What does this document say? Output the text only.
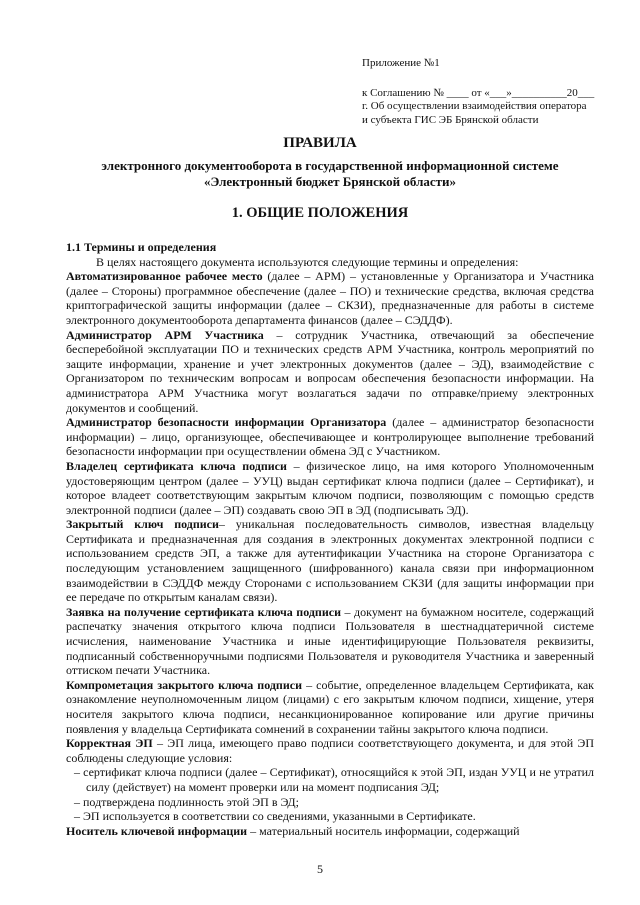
Приложение №1
к Соглашению № ____ от «___»__________20___
г. Об осуществлении взаимодействия оператора
и субъекта ГИС ЭБ Брянской области
ПРАВИЛА
электронного документооборота в государственной информационной системе «Электронный бюджет Брянской области»
1. ОБЩИЕ ПОЛОЖЕНИЯ

1.1 Термины и определения

В целях настоящего документа используются следующие термины и определения:

Автоматизированное рабочее место (далее – АРМ) – установленные у Организатора и Участника (далее – Стороны) программное обеспечение (далее – ПО) и технические средства, включая средства криптографической защиты информации (далее – СКЗИ), предназначенные для работы в системе электронного документооборота департамента финансов (далее – СЭДДФ).

Администратор АРМ Участника – сотрудник Участника, отвечающий за обеспечение бесперебойной эксплуатации ПО и технических средств АРМ Участника, контроль мероприятий по защите информации, хранение и учет электронных документов (далее – ЭД), взаимодействие с Организатором по техническим вопросам и вопросам обеспечения безопасности информации. На администратора АРМ Участника могут возлагаться задачи по отправке/приему электронных документов и сообщений.

Администратор безопасности информации Организатора (далее – администратор безопасности информации) – лицо, организующее, обеспечивающее и контролирующее выполнение требований безопасности информации при осуществлении обмена ЭД с Участником.

Владелец сертификата ключа подписи – физическое лицо, на имя которого Уполномоченным удостоверяющим центром (далее – УУЦ) выдан сертификат ключа подписи (далее – Сертификат), и которое владеет соответствующим закрытым ключом подписи, позволяющим с помощью средств электронной подписи (далее – ЭП) создавать свою ЭП в ЭД (подписывать ЭД).

Закрытый ключ подписи– уникальная последовательность символов, известная владельцу Сертификата и предназначенная для создания в электронных документах электронной подписи с использованием средств ЭП, а также для аутентификации Участника на стороне Организатора с последующим установлением защищенного (шифрованного) канала связи при информационном взаимодействии в СЭДДФ между Сторонами с использованием СКЗИ (для защиты информации при ее передаче по открытым каналам связи).

Заявка на получение сертификата ключа подписи – документ на бумажном носителе, содержащий распечатку значения открытого ключа подписи Пользователя в шестнадцатеричной системе исчисления, наименование Участника и иные идентифицирующие Пользователя реквизиты, подписанный собственноручными подписями Пользователя и руководителя Участника и заверенный оттиском печати Участника.

Компрометация закрытого ключа подписи – событие, определенное владельцем Сертификата, как ознакомление неуполномоченным лицом (лицами) с его закрытым ключом подписи, хищение, утеря носителя закрытого ключа подписи, несанкционированное копирование или другие причины появления у владельца Сертификата сомнений в сохранении тайны закрытого ключа подписи.

Корректная ЭП – ЭП лица, имеющего право подписи соответствующего документа, и для этой ЭП соблюдены следующие условия:

– сертификат ключа подписи (далее – Сертификат), относящийся к этой ЭП, издан УУЦ и не утратил силу (действует) на момент проверки или на момент подписания ЭД;

– подтверждена подлинность этой ЭП в ЭД;

– ЭП используется в соответствии со сведениями, указанными в Сертификате.

Носитель ключевой информации – материальный носитель информации, содержащий

5
